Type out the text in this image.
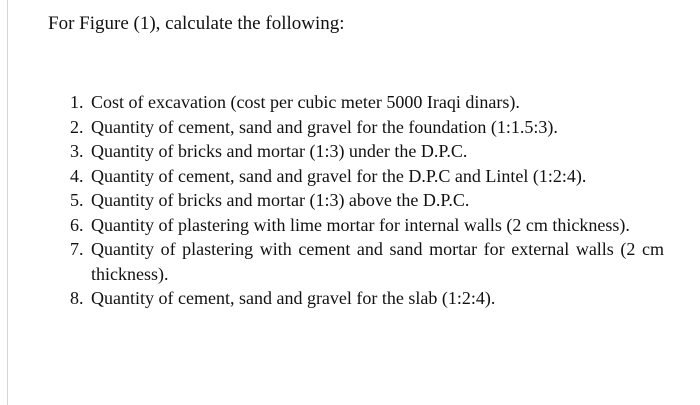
For Figure (1), calculate the following:
1. Cost of excavation (cost per cubic meter 5000 Iraqi dinars).
2. Quantity of cement, sand and gravel for the foundation (1:1.5:3).
3. Quantity of bricks and mortar (1:3) under the D.P.C.
4. Quantity of cement, sand and gravel for the D.P.C and Lintel (1:2:4).
5. Quantity of bricks and mortar (1:3) above the D.P.C.
6. Quantity of plastering with lime mortar for internal walls (2 cm thickness).
7. Quantity of plastering with cement and sand mortar for external walls (2 cm thickness).
8. Quantity of cement, sand and gravel for the slab (1:2:4).
